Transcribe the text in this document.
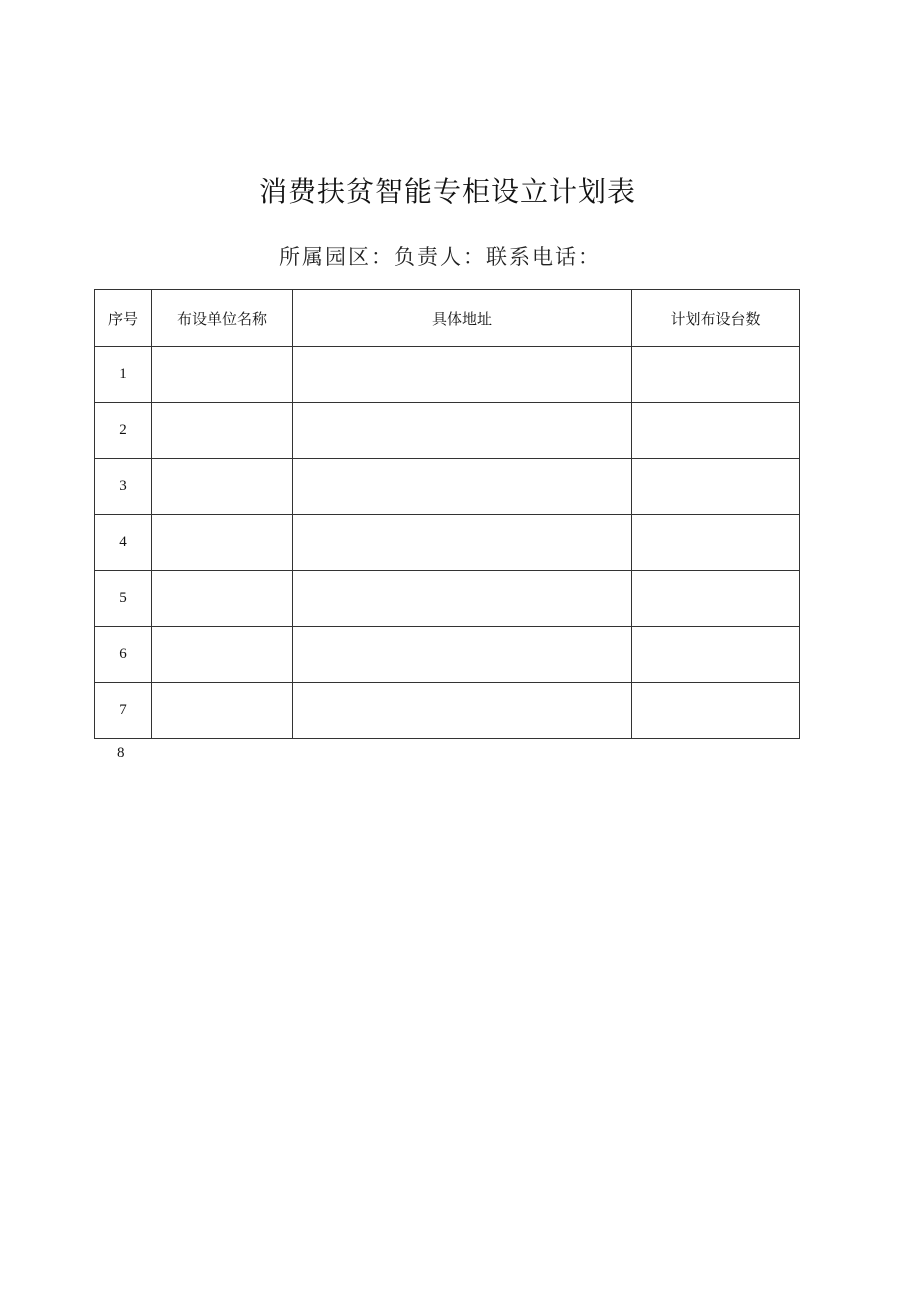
消费扶贫智能专柜设立计划表
所属园区：负责人：联系电话：
序号	布设单位名称	具体地址	计划布设台数
1			
2			
3			
4			
5			
6			
7			
8
